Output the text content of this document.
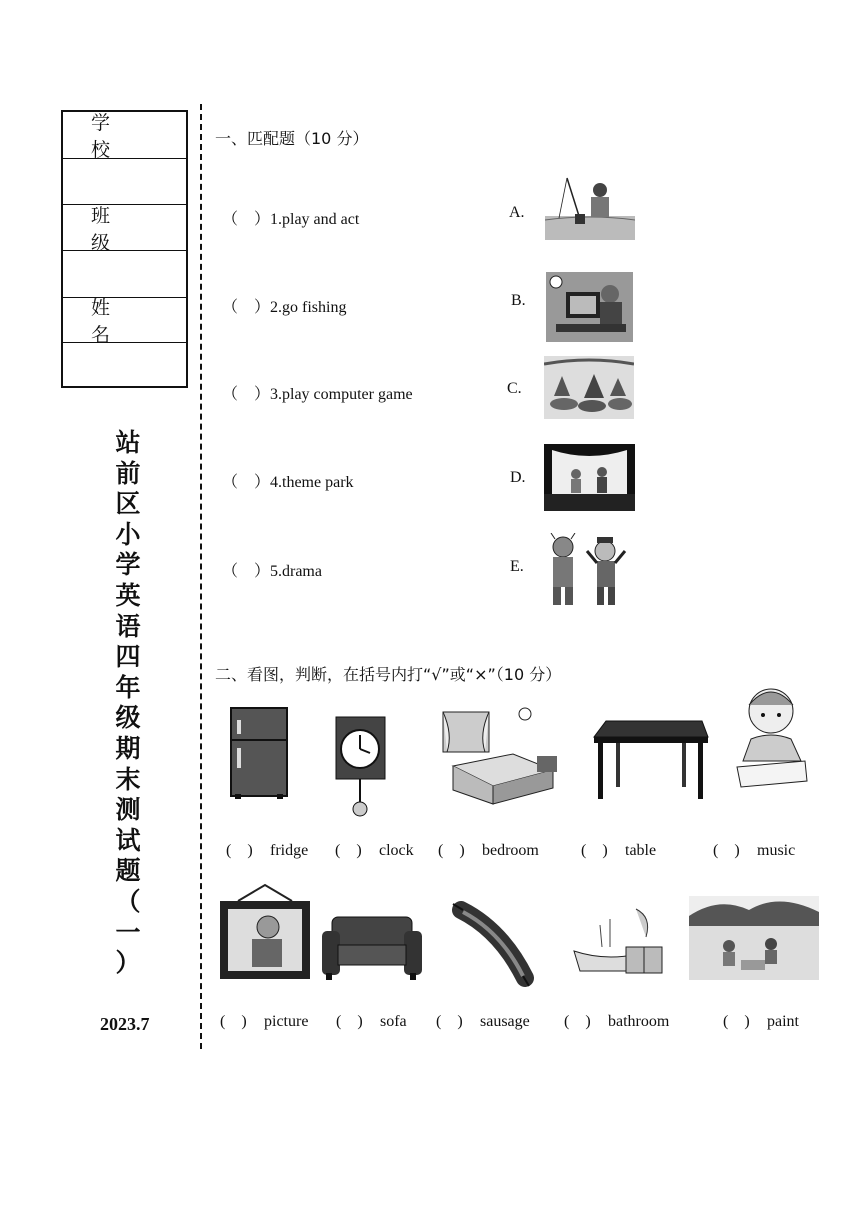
学 校
班 级
姓 名
站
前
区
小
学
英
语
四
年
级
期
末
测
试
题
（
一
）
2023.7
一、匹配题（10 分）
（　）1.play and act
（　）2.go fishing
（　）3.play computer game
（　）4.theme park
（　）5.drama
A.
B.
C.
D.
E.
二、看图，判断，在括号内打“√”或“×”（10 分）
(　) fridge (　) clock (　) bedroom	(　) table	(　) music
(　) picture (　) sofa (　) sausage (　) bathroom	(　) paint
